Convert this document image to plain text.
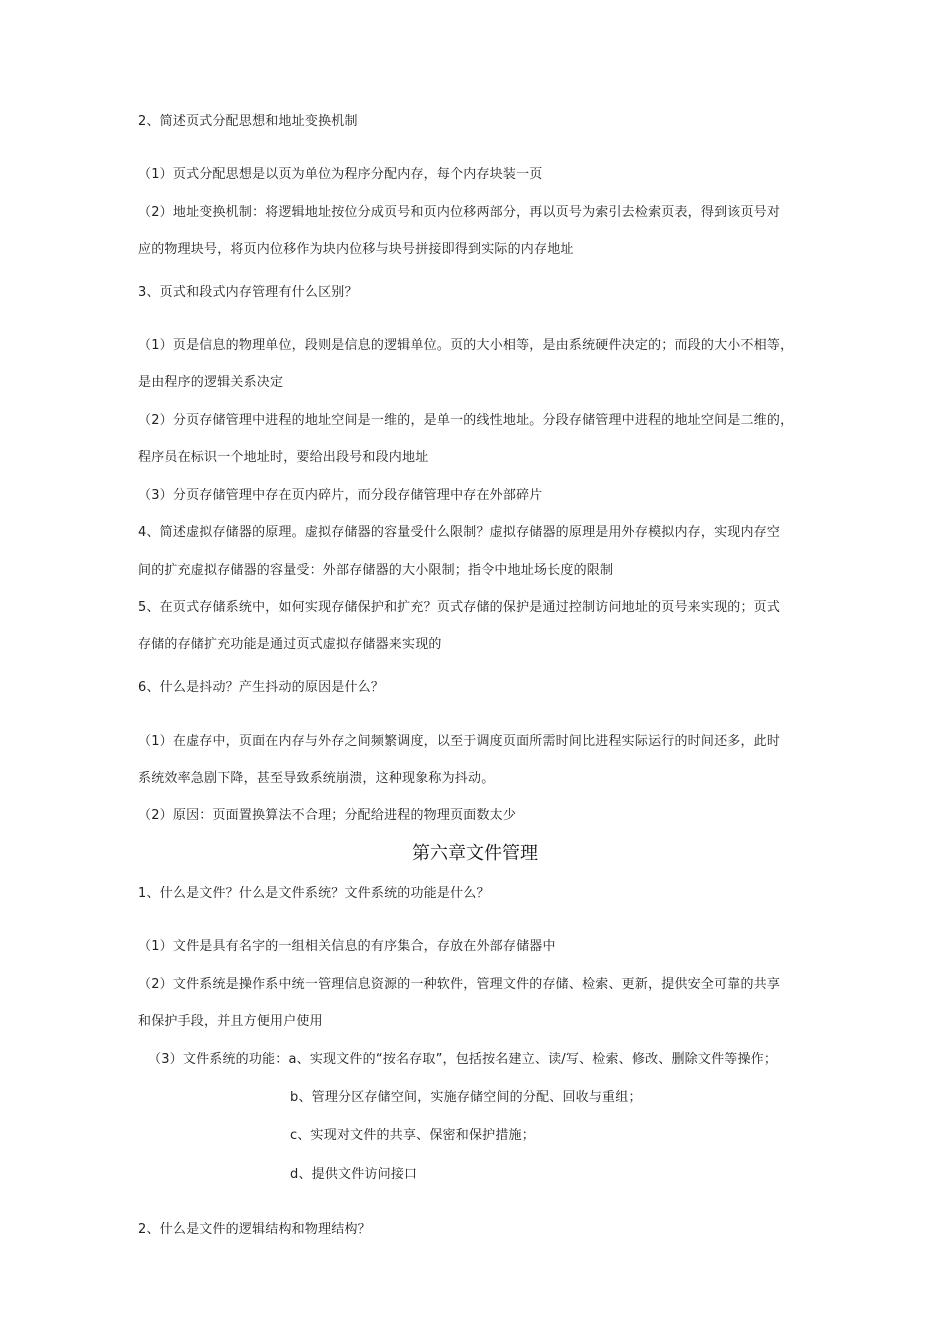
2、简述页式分配思想和地址变换机制
（1）页式分配思想是以页为单位为程序分配内存，每个内存块装一页
（2）地址变换机制：将逻辑地址按位分成页号和页内位移两部分，再以页号为索引去检索页表，得到该页号对
应的物理块号，将页内位移作为块内位移与块号拼接即得到实际的内存地址
3、页式和段式内存管理有什么区别？
（1）页是信息的物理单位，段则是信息的逻辑单位。页的大小相等，是由系统硬件决定的；而段的大小不相等，
是由程序的逻辑关系决定
（2）分页存储管理中进程的地址空间是一维的，是单一的线性地址。分段存储管理中进程的地址空间是二维的，
程序员在标识一个地址时，要给出段号和段内地址
（3）分页存储管理中存在页内碎片，而分段存储管理中存在外部碎片
4、简述虚拟存储器的原理。虚拟存储器的容量受什么限制？虚拟存储器的原理是用外存模拟内存，实现内存空
间的扩充虚拟存储器的容量受：外部存储器的大小限制；指令中地址场长度的限制
5、在页式存储系统中，如何实现存储保护和扩充？页式存储的保护是通过控制访问地址的页号来实现的；页式
存储的存储扩充功能是通过页式虚拟存储器来实现的
6、什么是抖动？产生抖动的原因是什么？
（1）在虚存中，页面在内存与外存之间频繁调度，以至于调度页面所需时间比进程实际运行的时间还多，此时
系统效率急剧下降，甚至导致系统崩溃，这种现象称为抖动。
（2）原因：页面置换算法不合理；分配给进程的物理页面数太少
第六章文件管理
1、什么是文件？什么是文件系统？文件系统的功能是什么？
（1）文件是具有名字的一组相关信息的有序集合，存放在外部存储器中
（2）文件系统是操作系中统一管理信息资源的一种软件，管理文件的存储、检索、更新，提供安全可靠的共享
和保护手段，并且方便用户使用
（3）文件系统的功能：a、实现文件的“按名存取”，包括按名建立、读/写、检索、修改、删除文件等操作；
b、管理分区存储空间，实施存储空间的分配、回收与重组；
c、实现对文件的共享、保密和保护措施；
d、提供文件访问接口
2、什么是文件的逻辑结构和物理结构？
